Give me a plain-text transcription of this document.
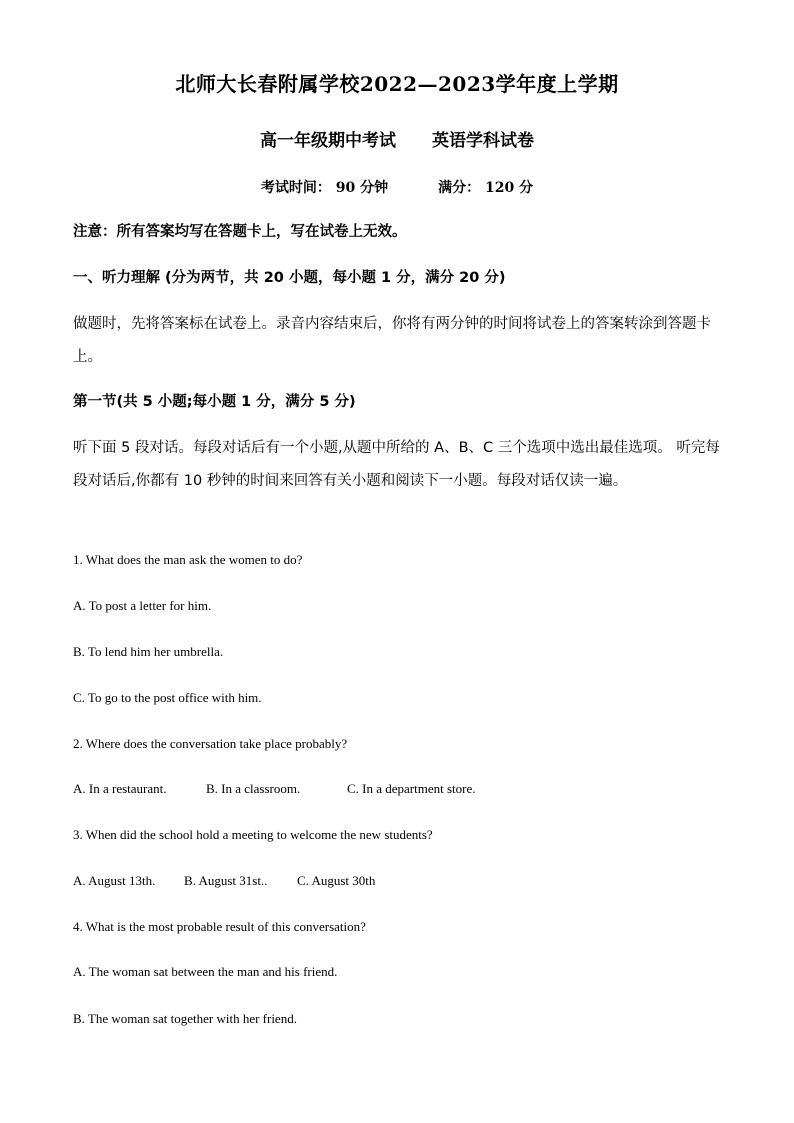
北师大长春附属学校2022—2023学年度上学期
高一年级期中考试 英语学科试卷
考试时间： 90 分钟	满分： 120 分
注意：所有答案均写在答题卡上，写在试卷上无效。
一、听力理解 (分为两节，共 20 小题，每小题 1 分，满分 20 分)
做题时，先将答案标在试卷上。录音内容结束后，你将有两分钟的时间将试卷上的答案转涂到答题卡上。
第一节(共 5 小题;每小题 1 分，满分 5 分)
听下面 5 段对话。每段对话后有一个小题,从题中所给的 A、B、C 三个选项中选出最佳选项。 听完每段对话后,你都有 10 秒钟的时间来回答有关小题和阅读下一小题。每段对话仅读一遍。
1. What does the man ask the women to do?
A. To post a letter for him.
B. To lend him her umbrella.
C. To go to the post office with him.
2. Where does the conversation take place probably?
A. In a restaurant.	B. In a classroom.	C. In a department store.
3. When did the school hold a meeting to welcome the new students?
A. August 13th. B. August 31st.. C. August 30th
4. What is the most probable result of this conversation?
A. The woman sat between the man and his friend.
B. The woman sat together with her friend.
